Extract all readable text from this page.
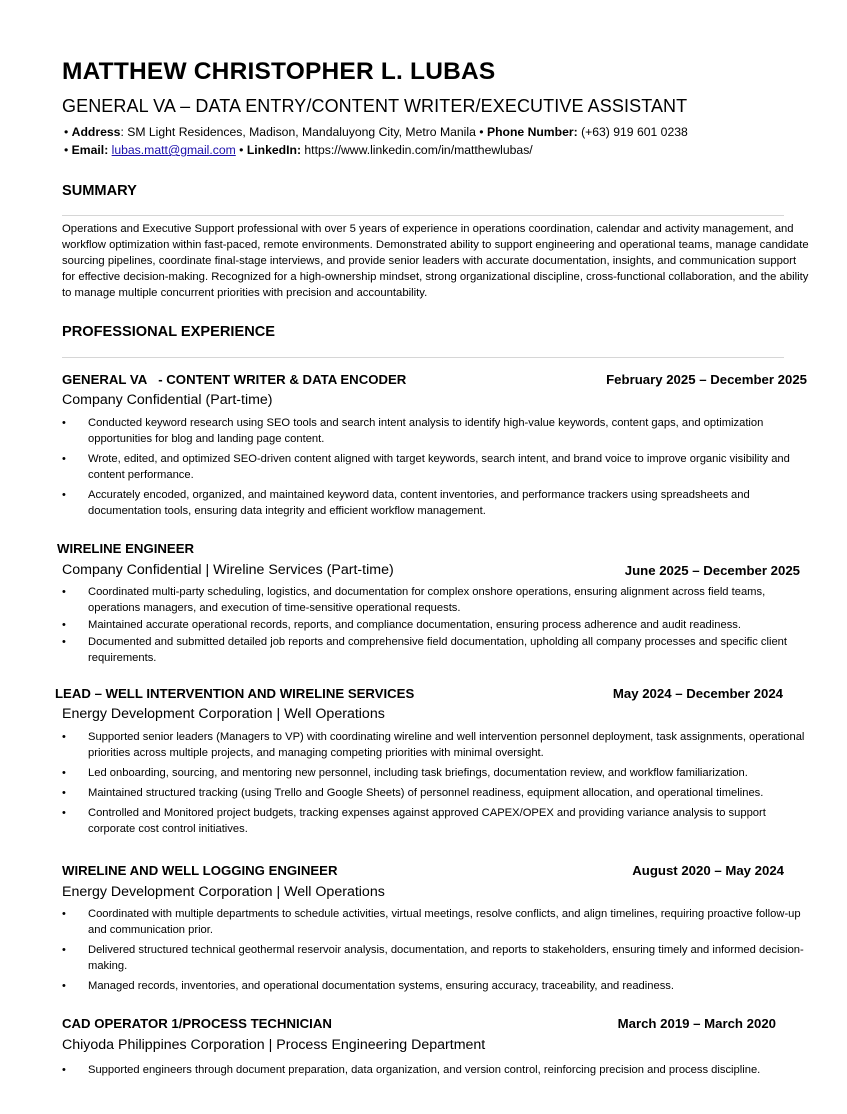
MATTHEW CHRISTOPHER L. LUBAS
GENERAL VA – DATA ENTRY/CONTENT WRITER/EXECUTIVE ASSISTANT
• Address: SM Light Residences, Madison, Mandaluyong City, Metro Manila • Phone Number: (+63) 919 601 0238
• Email: lubas.matt@gmail.com • LinkedIn: https://www.linkedin.com/in/matthewlubas/
SUMMARY
Operations and Executive Support professional with over 5 years of experience in operations coordination, calendar and activity management, and workflow optimization within fast-paced, remote environments. Demonstrated ability to support engineering and operational teams, manage candidate sourcing pipelines, coordinate final-stage interviews, and provide senior leaders with accurate documentation, insights, and communication support for effective decision-making. Recognized for a high-ownership mindset, strong organizational discipline, cross-functional collaboration, and the ability to manage multiple concurrent priorities with precision and accountability.
PROFESSIONAL EXPERIENCE
GENERAL VA   - CONTENT WRITER & DATA ENCODER	February 2025 – December 2025
Company Confidential (Part-time)
• Conducted keyword research using SEO tools and search intent analysis to identify high-value keywords, content gaps, and optimization opportunities for blog and landing page content.
• Wrote, edited, and optimized SEO-driven content aligned with target keywords, search intent, and brand voice to improve organic visibility and content performance.
• Accurately encoded, organized, and maintained keyword data, content inventories, and performance trackers using spreadsheets and documentation tools, ensuring data integrity and efficient workflow management.
WIRELINE ENGINEER
June 2025 – December 2025
Company Confidential | Wireline Services (Part-time)
• Coordinated multi-party scheduling, logistics, and documentation for complex onshore operations, ensuring alignment across field teams, operations managers, and execution of time-sensitive operational requests.
• Maintained accurate operational records, reports, and compliance documentation, ensuring process adherence and audit readiness.
• Documented and submitted detailed job reports and comprehensive field documentation, upholding all company processes and specific client requirements.
LEAD – WELL INTERVENTION AND WIRELINE SERVICES	May 2024 – December 2024
Energy Development Corporation | Well Operations
• Supported senior leaders (Managers to VP) with coordinating wireline and well intervention personnel deployment, task assignments, operational priorities across multiple projects, and managing competing priorities with minimal oversight.
• Led onboarding, sourcing, and mentoring new personnel, including task briefings, documentation review, and workflow familiarization.
• Maintained structured tracking (using Trello and Google Sheets) of personnel readiness, equipment allocation, and operational timelines.
• Controlled and Monitored project budgets, tracking expenses against approved CAPEX/OPEX and providing variance analysis to support corporate cost control initiatives.
WIRELINE AND WELL LOGGING ENGINEER	August 2020 – May 2024
Energy Development Corporation | Well Operations
• Coordinated with multiple departments to schedule activities, virtual meetings, resolve conflicts, and align timelines, requiring proactive follow-up and communication prior.
• Delivered structured technical geothermal reservoir analysis, documentation, and reports to stakeholders, ensuring timely and informed decision-making.
• Managed records, inventories, and operational documentation systems, ensuring accuracy, traceability, and readiness.
CAD OPERATOR 1/PROCESS TECHNICIAN	March 2019 – March 2020
Chiyoda Philippines Corporation | Process Engineering Department
• Supported engineers through document preparation, data organization, and version control, reinforcing precision and process discipline.
